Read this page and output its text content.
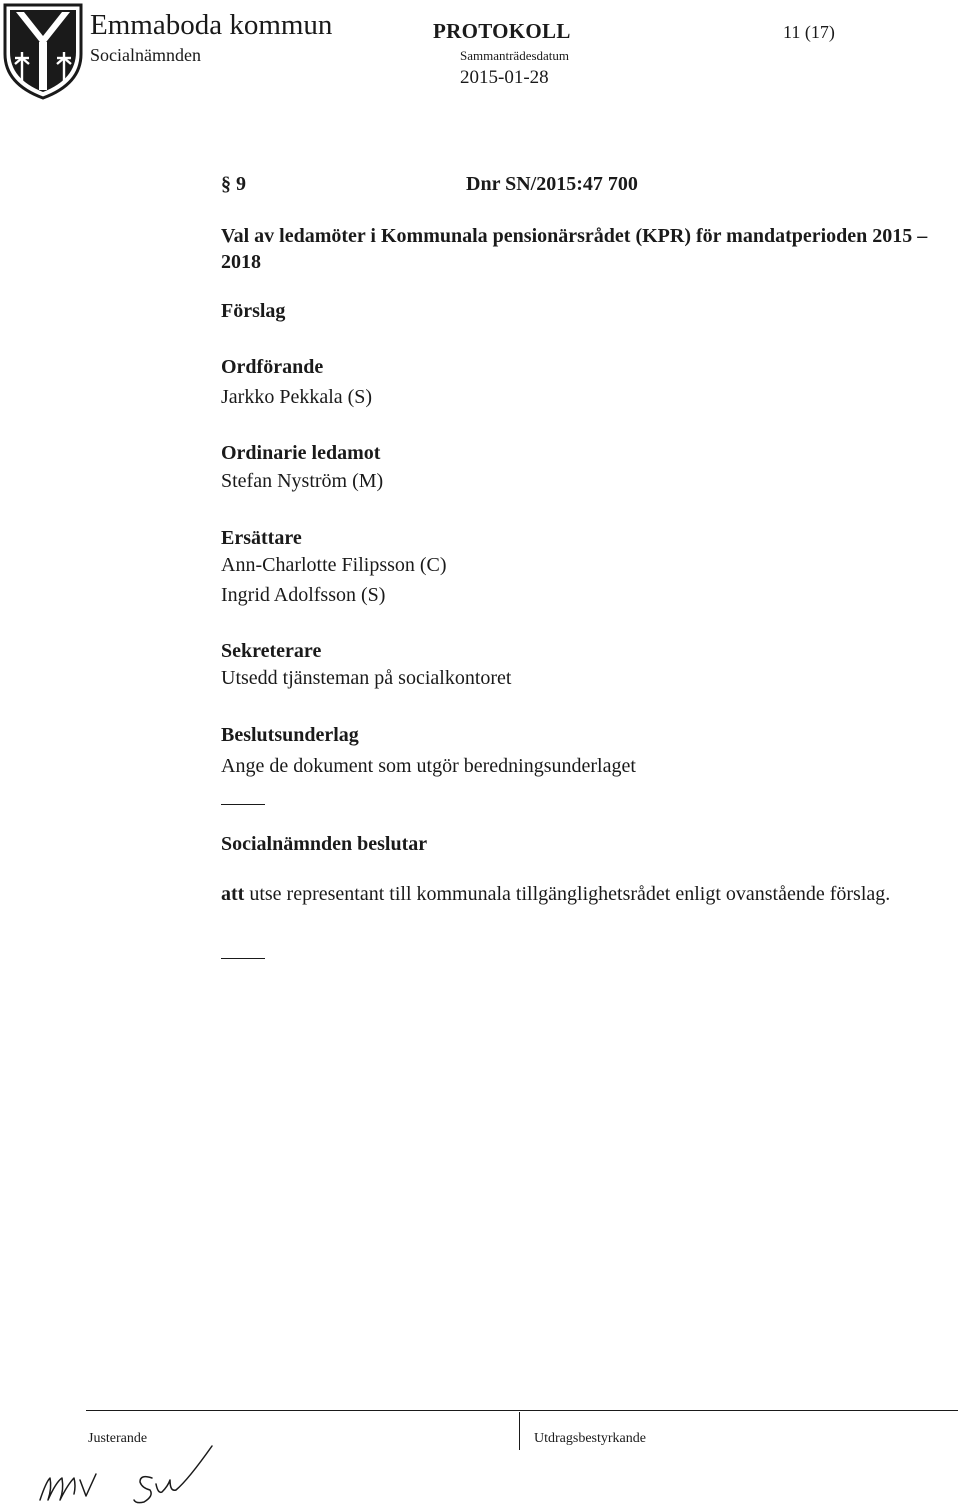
Emmaboda kommun
Socialnämnden
PROTOKOLL
Sammanträdesdatum
2015-01-28
11 (17)
§ 9	Dnr SN/2015:47 700

Val av ledamöter i Kommunala pensionärsrådet (KPR) för mandatperioden 2015 – 2018

Förslag
Ordförande
Jarkko Pekkala (S)
Ordinarie ledamot
Stefan Nyström (M)
Ersättare
Ann-Charlotte Filipsson (C)
Ingrid Adolfsson (S)
Sekreterare
Utsedd tjänsteman på socialkontoret
Beslutsunderlag
Ange de dokument som utgör beredningsunderlaget
Socialnämnden beslutar

att utse representant till kommunala tillgänglighetsrådet enligt ovanstående förslag.

Justerande	Utdragsbestyrkande
